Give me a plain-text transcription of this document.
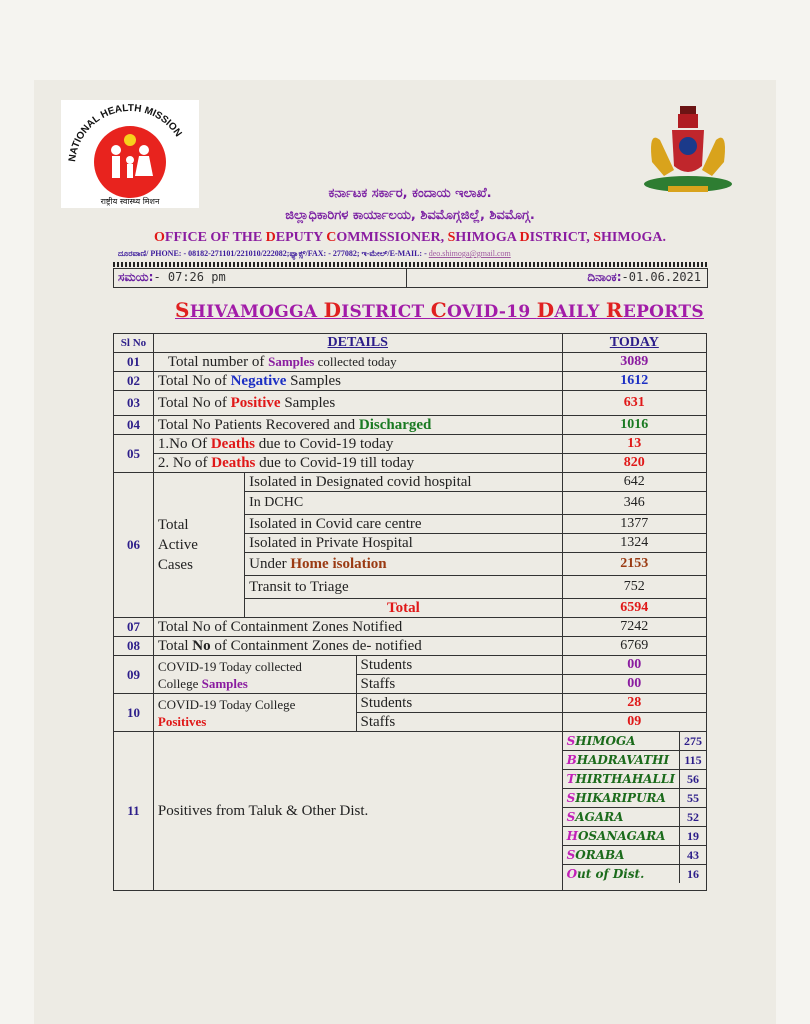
NATIONAL HEALTH MISSION
राष्ट्रीय स्वास्थ्य मिशन
ಕರ್ನಾಟಕ ಸರ್ಕಾರ, ಕಂದಾಯ ಇಲಾಖೆ.
ಜಿಲ್ಲಾಧಿಕಾರಿಗಳ ಕಾರ್ಯಾಲಯ, ಶಿವಮೊಗ್ಗಜಿಲ್ಲೆ, ಶಿವಮೊಗ್ಗ.
OFFICE OF THE DEPUTY COMMISSIONER, SHIMOGA DISTRICT, SHIMOGA.
ದೂರವಾಣಿ/ PHONE: - 08182-271101/221010/222082;ಫ್ಯಾಕ್ಸ್/FAX: - 277082; ಇ-ಮೇಲ್/E-MAIL: - deo.shimoga@gmail.com
ಸಮಯ:- 07:26 pm	ದಿನಾಂಕ:-01.06.2021
SHIVAMOGGA DISTRICT COVID-19 DAILY REPORTS
Sl No	DETAILS	TODAY
01	Total number of Samples collected today	3089
02	Total No of Negative Samples	1612
03	Total No of Positive Samples	631
04	Total No Patients Recovered and Discharged	1016
05	1.No Of Deaths due to Covid-19 today	13
2. No of Deaths due to Covid-19 till today	820
06	Total
Active
Cases	Isolated in Designated covid hospital	642
In DCHC	346
Isolated in Covid care centre	1377
Isolated in Private Hospital	1324
Under Home isolation	2153
Transit to Triage	752
Total	6594
07	Total No of Containment Zones Notified	7242
08	Total No of Containment Zones de- notified	6769
09	COVID-19 Today collected
College Samples	Students	00
Staffs	00
10	COVID-19 Today College
Positives	Students	28
Staffs	09
11	Positives from Taluk & Other Dist.	
SHIMOGA	275
BHADRAVATHI	115
THIRTHAHALLI	56
SHIKARIPURA	55
SAGARA	52
HOSANAGARA	19
SORABA	43
Out of Dist.	16
